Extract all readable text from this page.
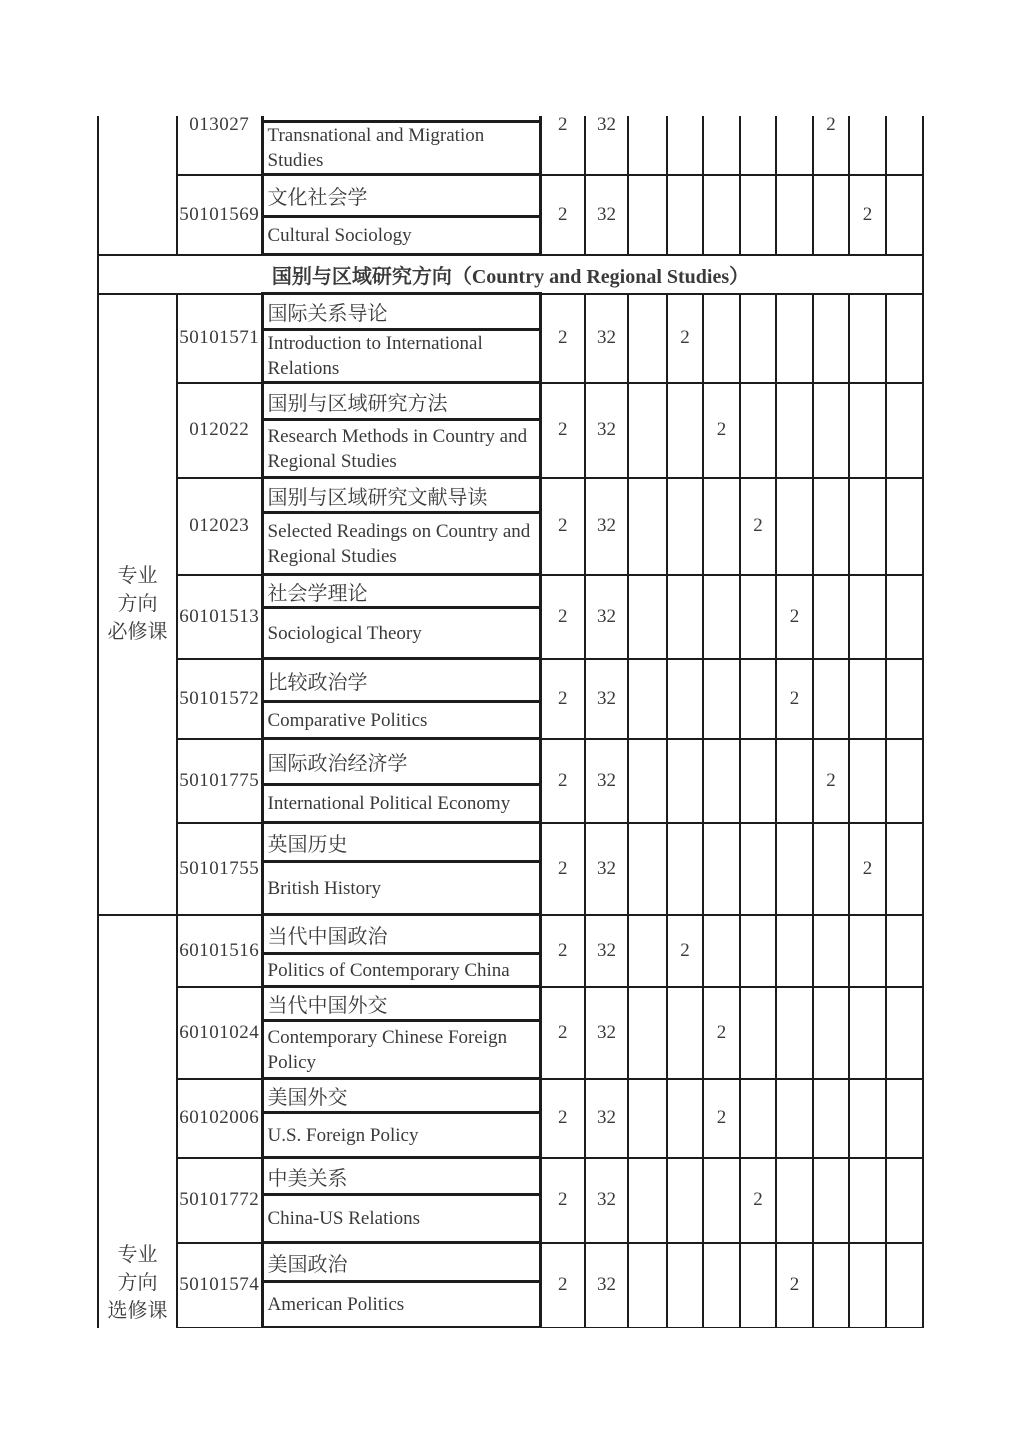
	013027		2	32						2		
		Transnational and Migration Studies										
	50101569	文化社会学	2	32							2	
		Cultural Sociology										
国别与区域研究方向（Country and Regional Studies）												
专业
方向
必修课	50101571	国际关系导论	2	32		2						
		Introduction to International Relations										
	012022	国别与区域研究方法	2	32			2					
		Research Methods in Country and Regional Studies										
	012023	国别与区域研究文献导读	2	32				2				
		Selected Readings on Country and Regional Studies										
	60101513	社会学理论	2	32					2			
		Sociological Theory										
	50101572	比较政治学	2	32					2			
		Comparative Politics										
	50101775	国际政治经济学	2	32						2		
		International Political Economy										
	50101755	英国历史	2	32							2	
		British History										
专业
方向
选修课	60101516	当代中国政治	2	32		2						
		Politics of Contemporary China										
	60101024	当代中国外交	2	32			2					
		Contemporary Chinese Foreign Policy										
	60102006	美国外交	2	32			2					
		U.S. Foreign Policy										
	50101772	中美关系	2	32				2				
		China-US Relations										
	50101574	美国政治	2	32					2			
		American Politics										
